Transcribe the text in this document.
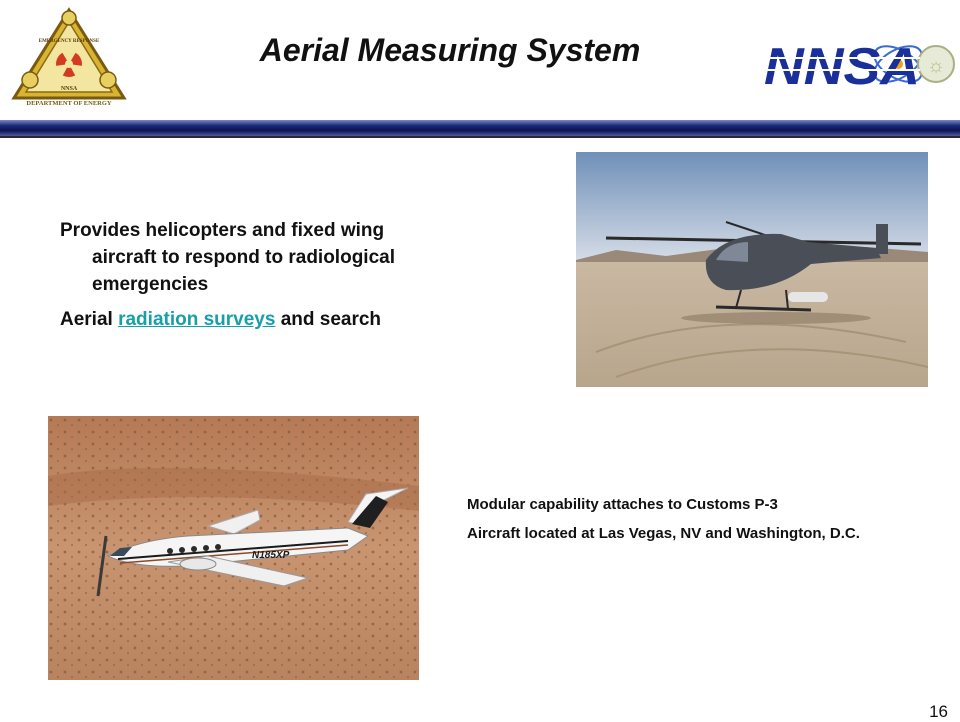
NNSA
EMERGENCY RESPONSE
DEPARTMENT OF ENERGY
Aerial Measuring System	☼
NNSA

Provides helicopters and fixed wing aircraft to respond to radiological emergencies

Aerial radiation surveys and search

N185XP

Modular capability attaches to Customs P-3

Aircraft located at Las Vegas, NV and Washington, D.C.

16
